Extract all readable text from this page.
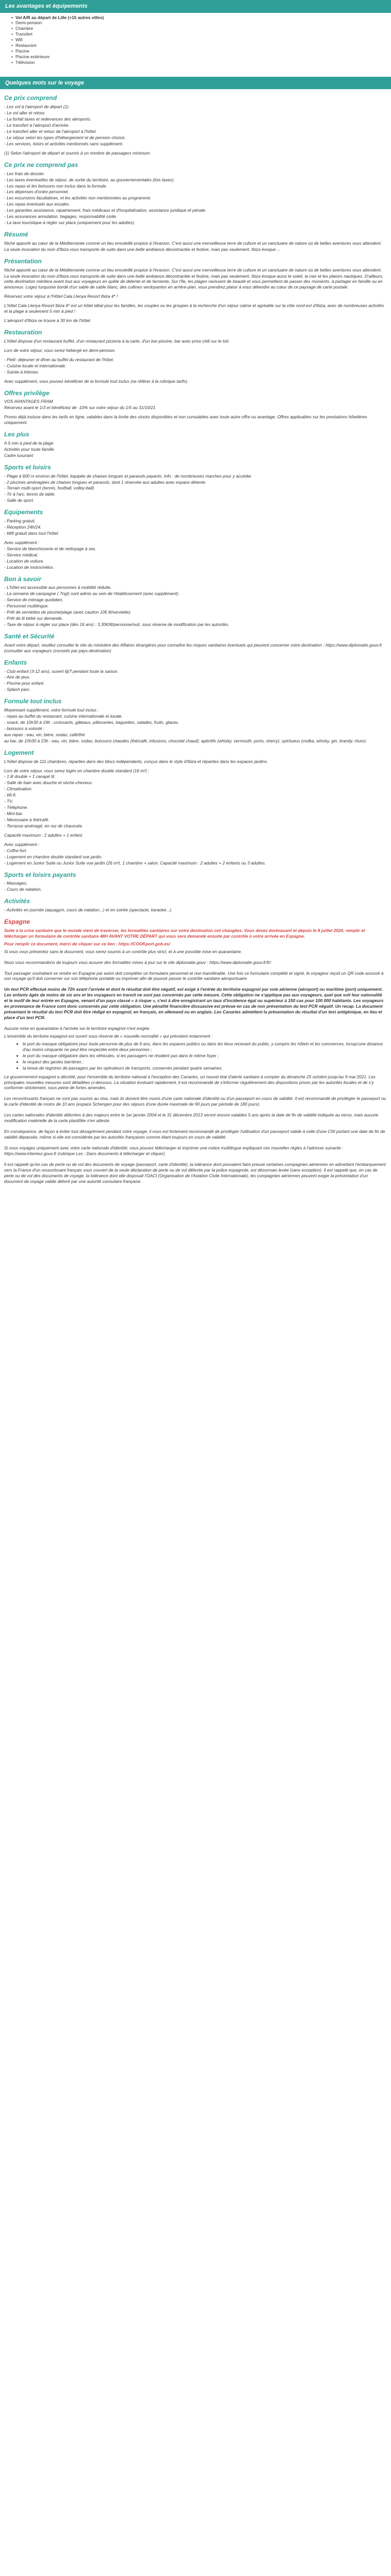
Les avantages et équipements
• Vol A/R au départ de Lille (+15 autres villes)
• Demi-pension
• Chambre
• Transfert
• Wifi
• Restaurant
• Piscine
• Piscine extérieure
• Télévision
Quelques mots sur le voyage
Ce prix comprend

- Les vol à l'aéroport de départ (1).

- Le vol aller et retour.

- La forfait taxes et redevances des aéroports.

- Le transfert à l'aéroport d'arrivée.

- Le transfert aller et retour de l'aéroport à l'hôtel.

- Le séjour selon les types d'hébergement et de pension choisis.

- Les services, loisirs et activités mentionnés sans supplément.

(1) Selon l'aéroport de départ et soumis à un nombre de passagers minimum.

Ce prix ne comprend pas

- Les frais de dossier.

- Les taxes éventuelles de séjour, de sortie du territoire, au gouvernementales (lois taxes).

- Les repas et les boissons non inclus dans la formule.

- Les dépenses d'ordre personnel.

- Les excursions facultatives, et les activités non mentionnées au programme.

- Les repas éventuels aux escales.

- Les garanties assistance, rapatriement, frais médicaux et d'hospitalisation, assistance juridique et pénale.

- Les assurances annulation, bagages, responsabilité civile.

- La taxe touristique à régler sur place (uniquement pour les adultes).

Résumé

Niché apporté au cœur de la Méditerranée comme un lieu ensoleillé propice à l'évasion. C'est aussi une merveilleuse terre de culture et un sanctuaire de nature où de belles aventures vous attendent.

La seule évocation du nom d'Ibiza vous transporte de suite dans une belle ambiance décontractée et festive, mais pas seulement. Ibiza évoque ...

Présentation

Niché apporté au cœur de la Méditerranée comme un lieu ensoleillé propice à l'évasion. C'est aussi une merveilleuse terre de culture et un sanctuaire de nature où de belles aventures vous attendent.

La seule évocation du nom d'Ibiza vous transporte de suite dans une belle ambiance décontractée et festive, mais pas seulement. Ibiza évoque aussi le soleil, la mer et les plaisirs nautiques. D'ailleurs, cette destination méritera avant tout aux voyageurs en quête de détente et de farniente. Sur l'île, les plages ravissent de beauté et vous permettent de passer des moments, à partager en famille ou en amoureux. Logez turquoise bordé d'un sable de sable blanc, des collines verdoyantes en arrière-plan, vous prendrez plaisir à vous détendre au cœur de ce paysage de carte postale.

Réservez votre séjour à l'Hôtel Cala Llenya Resort Ibiza 4* !

L'hôtel Cala Llenya Resort Ibiza 4* est un hôtel idéal pour les familles, les couples ou les groupes à la recherche d'un séjour calme et agréable sur la côte nord-est d'Ibiza, avec de nombreuses activités et la plage à seulement 5 min à pied !

L'aéroport d'Ibiza se trouve à 30 km de l'hôtel.

Restauration

L'hôtel dispose d'un restaurant buffet, d'un restaurant pizzeria à la carte, d'un bar-piscine, bar avec prise chili sur le toit.

Lors de votre séjour, vous serez hébergé en demi-pension.

- Petit- déjeuner et dîner au buffet du restaurant de l'hôtel.

- Cuisine locale et internationale.

- Soirée à thèmes.

Avec supplément, vous pouvez bénéficier de la formule tout inclus (se référer à la rubrique tarifs).

Offres privilège

VOS AVANTAGES FRAM

Réservez avant le 1/3 et bénéficiez de -10% sur votre séjour du 1/5 au 31/10/21

Promo déjà incluse dans les tarifs en ligne, valables dans la limite des stocks disponibles et non cumulables avec toute autre offre ou avantage. Offres applicables sur les prestations hôtelières uniquement.

Les plus

A 5 min à pied de la plage

Activités pour toute famille

Cadre luxuriant

Sports et loisirs

- Plage à 600 m environ de l'hôtel, équipée de chaises longues et parasols payants. Info : de nombreuses marches pour y accéder.

- 2 piscines aménagées de chaises longues et parasols, dont 1 réservée aux adultes avec espace détente.

- Terrain multi-sport (tennis, football, volley-ball)

- Tir à l'arc, tennis de table.

- Salle de sport.

Equipements

- Parking gratuit.

- Réception 24h/24.

- Wifi gratuit dans tout l'hôtel.

Avec supplément :

- Service de blanchisserie et de nettoyage à sec.

- Service médical.

- Location de voiture.

- Location de motos/vélos.

Bon à savoir

- L'hôtel est accessible aux personnes à mobilité réduite.

- La semaine de campagne ( 7ngt) sont admis au sein de l'établissement (avec supplément).

- Service de ménage quotidien.

- Personnel multilingue.

- Prêt de serviettes de piscine/plage (avec caution 10€ lit/serviette).

- Prêt de lit bébé sur demande.

- Taxe de séjour à régler sur place (dès 16 ans) : 3,30€/lit/personne/nuit, sous réserve de modification par les autorités.

Santé et Sécurité

Avant votre départ, veuillez consulter le site du ministère des Affaires étrangères pour connaître les risques sanitaires éventuels qui peuvent concerner votre destination : https://www.diplomatie.gouv.fr (consulter aux voyageurs (conseils par pays-destination)

Enfants

- Club enfant (3-12 ans), ouvert 6j/7 pendant toute la saison.

- Aire de jeux.

- Piscine pour enfant.

- Splash parc.

Formule tout inclus

Moyennant supplément, votre formule tout inclus :

- repas au buffet du restaurant, cuisine internationale et locale.

- snack, de 10h30 à 19h : croissants, gâteaux, pâtisseries, baguettes, salades, fruits, glaces.

- boissons à volonté :

aux repas : eau, vin, bière, sodas, café/thé

au bar, de 10h30 à 23h : eau, vin, bière, sodas, boissons chaudes (thé/café, infusions, chocolat chaud), apéritifs (whisky, vermouth, porto, sherry), spiritueux (vodka, whisky, gin, brandy, rhum).

Logement

L'hôtel dispose de 111 chambres, réparties dans des blocs indépendants, conçus dans le style d'Ibiza et réparties dans les espaces jardins.

Lors de votre séjour, vous serez logés en chambre double standard (16 m²) :

- 1 lit double + 1 canapé lit.

- Salle de bain avec douche et sèche-cheveux.

- Climatisation.

- Wi-fi.

- TV.

- Téléphone.

- Mini-bar.

- Nécessaire à thé/café.

- Terrasse aménagé, en rez de chaussée.

Capacité maximum : 2 adultes + 1 enfant.

Avec supplément :

- Coffre-fort.

- Logement en chambre double standard vue jardin.

- Logement en Junior Suite ou Junior Suite vue jardin (26 m²), 1 chambre + salon. Capacité maximum : 2 adultes + 2 enfants ou 3 adultes.

Sports et loisirs payants

- Massages.

- Cours de natation.

Activités

- Activités en journée (aquagym, cours de natation...) et en soirée (spectacle, karaoke...).

Espagne

Suite à la crise sanitaire que le monde vient de traverser, les formalités sanitaires sur votre destination ont changées. Vous devez dorénavant et depuis le 8 juillet 2020, remplir et télécharger un formulaire de contrôle sanitaire 48H AVANT VOTRE DÉPART qui vous sera demandé ensuite par contrôle à votre arrivée en Espagne.

Pour remplir ce document, merci de cliquer sur ce lien : https://COOKport.gob.es/

Si vous vous présentez sans le document, vous serez soumis à un contrôle plus strict, et à une possible mise en quarantaine.

Nous vous recommandons de toujours vous assurer des formalités mises à jour sur le site diplomatie.gouv : https://www.diplomatie.gouv.fr/fr/

Tout passager souhaitant se rendre en Espagne par avion doit compléter un formulaire personnel et non transférable. Une fois ce formulaire complété et signé, le voyageur reçoit un QR code associé à son voyage qu'il doit conserver sur son téléphone portable ou imprimer afin de pouvoir passer le contrôle sanitaire aéroportuaire.

Un test PCR effectué moins de 72h avant l'arrivée et dont le résultat doit être négatif, est exigé à l'entrée du territoire espagnol par voie aérienne (aéroport) ou maritime (port) uniquement. Les enfants âgés de moins de six ans et les voyageurs en transit ne sont pas concernés par cette mesure. Cette obligation ne s'applique pas aux voyageurs, quel que soit leur nationalité et le motif de leur entrée en Espagne, venant d'un pays classé « à risque », c'est à dire enregistrant un taux d'incidence égal ou supérieur à 150 cas pour 100 000 habitants. Les voyageurs en provenance de France sont donc concernés par cette obligation. Une pénalité financière dissuasive est prévue en cas de non présentation du test PCR négatif. Un recap. La document présentant le résultat du test PCR doit être rédigé en espagnol, en français, en allemand ou en anglais. Les Canaries admettent la présentation du résultat d'un test antigénique, en lieu et place d'un test PCR.

Aucune mise en quarantaine à l'arrivée sur le territoire espagnol n'est exigée.

L'ensemble du territoire espagnol est ouvert sous réserve de « nouvelle normalité » qui prévoient notamment :

• le port du masque obligatoire pour toute personne de plus de 6 ans, dans les espaces publics ou dans les lieux recevant du public, y compris les hôtels et les commerces, lorsqu'une distance d'au moins cinquante ne peut être respectée entre deux personnes ;
• le port du masque obligatoire dans les véhicules, si les passagers ne résident pas dans le même foyer ;
• le respect des gestes barrières ;
• la tenue de registres de passagers par les opérateurs de transports, conservés pendant quatre semaines.

Le gouvernement espagnol a décrété, pour l'ensemble du territoire national à l'exception des Canaries, un nouvel état d'alerte sanitaire à compter du dimanche 25 octobre jusqu'au 9 mai 2021. Les principales nouvelles mesures sont détaillées ci-dessous. La situation évoluant rapidement, il est recommandé de s'informer régulièrement des dispositions prises par les autorités locales et de s'y conformer strictement, sous peine de fortes amendes.

Les ressortissants français ne sont pas soumis au visa, mais ils doivent être munis d'une carte nationale d'identité ou d'un passeport en cours de validité. Il est recommandé de privilégier le passeport ou la carte d'identité de moins de 10 ans (espace Schengen pour des séjours d'une durée maximale de 90 jours par période de 180 jours).

Les cartes nationales d'identité délivrées à des majeurs entre le 1er janvier 2004 et le 31 décembre 2013 seront encore valables 5 ans après la date de fin de validité indiquée au verso, mais aucune modification matérielle de la carte plastifiée n'en atteste.

En conséquence, de façon à éviter tout désagrément pendant votre voyage, il vous est fortement recommandé de privilégier l'utilisation d'un passeport valide à celle d'une CNI portant une date de fin de validité dépassée, même si elle est considérée par les autorités françaises comme étant toujours en cours de validité.

Si vous voyagez uniquement avec votre carte nationale d'identité, vous pouvez télécharger et imprimer une notice multilingue expliquant ces nouvelles règles à l'adresse suivante : https://www.interieur.gouv.fr (rubrique Les : Dans documents à télécharger et cliquer).

Il est rappelé qu'en cas de perte ou de vol des documents de voyage (passeport, carte d'identité), la tolérance dont pouvaient faire preuve certaines compagnies aériennes en admettant l'embarquement vers la France d'un ressortissant français sous couvert de la seule déclaration de perte ou de vol délivrée par la police espagnole, est désormais levée (sans exception). Il est rappelé que, en cas de perte ou de vol des documents de voyage, la tolérance dont elle disposait l'OACI (Organisation de l'Aviation Civile Internationale), les compagnies aériennes peuvent exiger la présentation d'un document de voyage valide délivré par une autorité consulaire française.
